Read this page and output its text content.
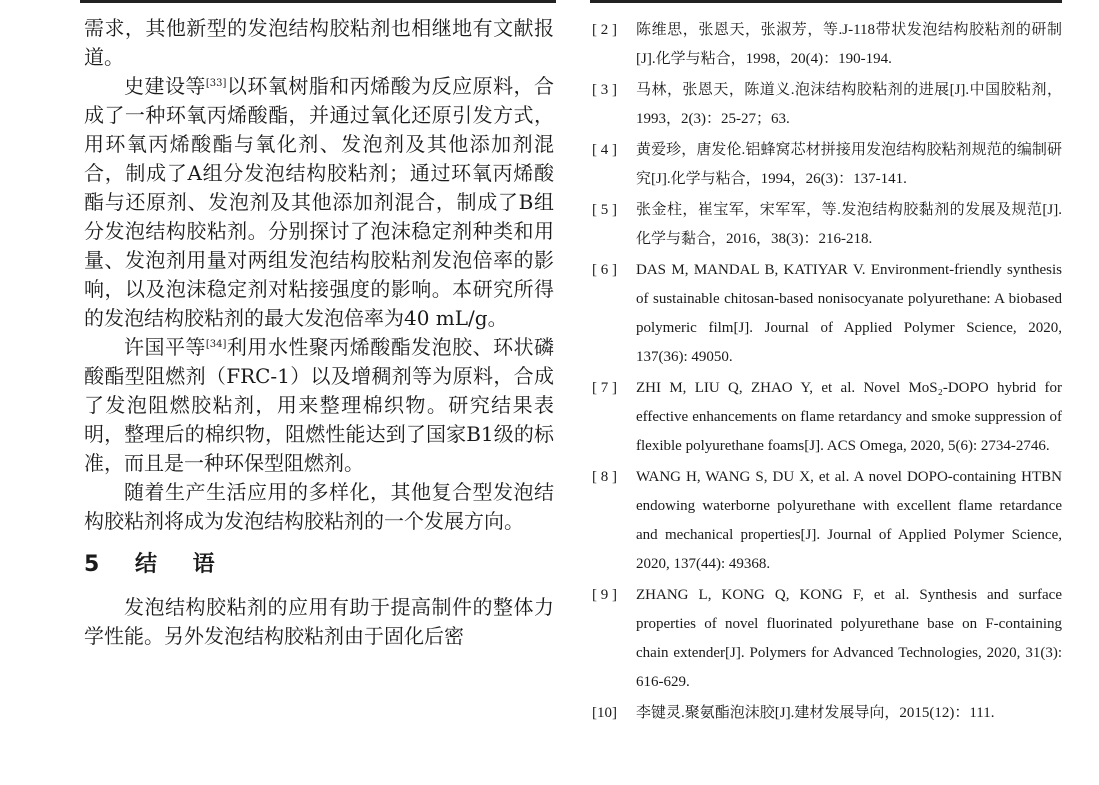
需求，其他新型的发泡结构胶粘剂也相继地有文献报道。

史建设等[33]以环氧树脂和丙烯酸为反应原料，合成了一种环氧丙烯酸酯，并通过氧化还原引发方式，用环氧丙烯酸酯与氧化剂、发泡剂及其他添加剂混合，制成了A组分发泡结构胶粘剂；通过环氧丙烯酸酯与还原剂、发泡剂及其他添加剂混合，制成了B组分发泡结构胶粘剂。分别探讨了泡沫稳定剂种类和用量、发泡剂用量对两组发泡结构胶粘剂发泡倍率的影响，以及泡沫稳定剂对粘接强度的影响。本研究所得的发泡结构胶粘剂的最大发泡倍率为40 mL/g。

许国平等[34]利用水性聚丙烯酸酯发泡胶、环状磷酸酯型阻燃剂（FRC-1）以及增稠剂等为原料，合成了发泡阻燃胶粘剂，用来整理棉织物。研究结果表明，整理后的棉织物，阻燃性能达到了国家B1级的标准，而且是一种环保型阻燃剂。

随着生产生活应用的多样化，其他复合型发泡结构胶粘剂将成为发泡结构胶粘剂的一个发展方向。

5 结 语

发泡结构胶粘剂的应用有助于提高制件的整体力学性能。另外发泡结构胶粘剂由于固化后密

[ 2 ]	陈维思，张恩天，张淑芳，等.J-118带状发泡结构胶粘剂的研制[J].化学与粘合，1998，20(4)：190-194.
[ 3 ]	马林，张恩天，陈道义.泡沫结构胶粘剂的进展[J].中国胶粘剂，1993，2(3)：25-27；63.
[ 4 ]	黄爱珍，唐发伦.铝蜂窝芯材拼接用发泡结构胶粘剂规范的编制研究[J].化学与粘合，1994，26(3)：137-141.
[ 5 ]	张金柱，崔宝军，宋军军，等.发泡结构胶黏剂的发展及规范[J].化学与黏合，2016，38(3)：216-218.
[ 6 ]	DAS M, MANDAL B, KATIYAR V. Environment-friendly synthesis of sustainable chitosan-based nonisocyanate polyurethane: A biobased polymeric film[J]. Journal of Applied Polymer Science, 2020, 137(36): 49050.
[ 7 ]	ZHI M, LIU Q, ZHAO Y, et al. Novel MoS₂-DOPO hybrid for effective enhancements on flame retardancy and smoke suppression of flexible polyurethane foams[J]. ACS Omega, 2020, 5(6): 2734-2746.
[ 8 ]	WANG H, WANG S, DU X, et al. A novel DOPO-containing HTBN endowing waterborne polyurethane with excellent flame retardance and mechanical properties[J]. Journal of Applied Polymer Science, 2020, 137(44): 49368.
[ 9 ]	ZHANG L, KONG Q, KONG F, et al. Synthesis and surface properties of novel fluorinated polyurethane base on F-containing chain extender[J]. Polymers for Advanced Technologies, 2020, 31(3): 616-629.
[10]	李键灵.聚氨酯泡沫胶[J].建材发展导向，2015(12)：111.
